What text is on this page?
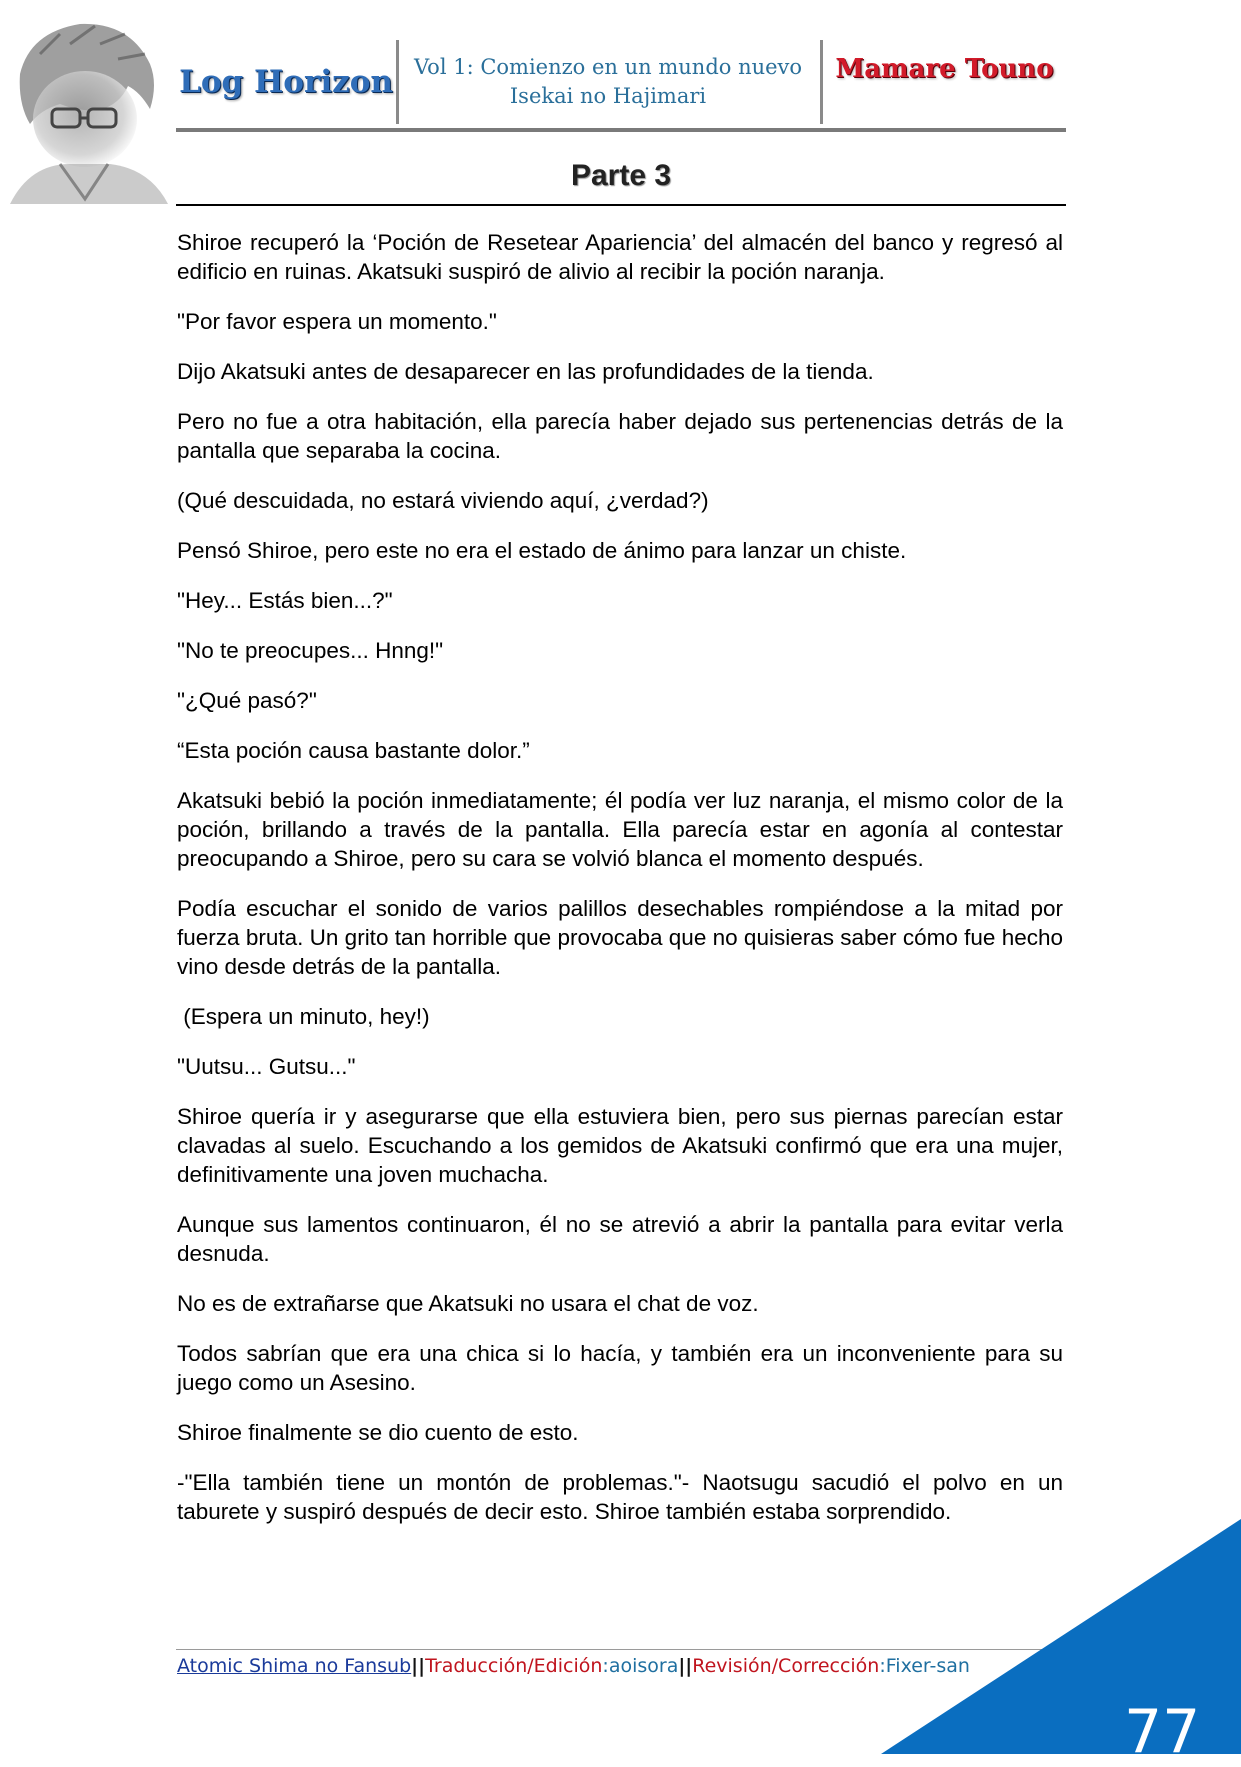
Log Horizon Vol 1: Comienzo en un mundo nuevo
Isekai no Hajimari
Mamare Touno
Parte 3

Shiroe recuperó la ‘Poción de Resetear Apariencia’ del almacén del banco y regresó al edificio en ruinas. Akatsuki suspiró de alivio al recibir la poción naranja.

"Por favor espera un momento."

Dijo Akatsuki antes de desaparecer en las profundidades de la tienda.

Pero no fue a otra habitación, ella parecía haber dejado sus pertenencias detrás de la pantalla que separaba la cocina.

(Qué descuidada, no estará viviendo aquí, ¿verdad?)

Pensó Shiroe, pero este no era el estado de ánimo para lanzar un chiste.

"Hey... Estás bien...?"

"No te preocupes... Hnng!"

"¿Qué pasó?"

“Esta poción causa bastante dolor.”

Akatsuki bebió la poción inmediatamente; él podía ver luz naranja, el mismo color de la poción, brillando a través de la pantalla. Ella parecía estar en agonía al contestar preocupando a Shiroe, pero su cara se volvió blanca el momento después.

Podía escuchar el sonido de varios palillos desechables rompiéndose a la mitad por fuerza bruta. Un grito tan horrible que provocaba que no quisieras saber cómo fue hecho vino desde detrás de la pantalla.

(Espera un minuto, hey!)

"Uutsu... Gutsu..."

Shiroe quería ir y asegurarse que ella estuviera bien, pero sus piernas parecían estar clavadas al suelo. Escuchando a los gemidos de Akatsuki confirmó que era una mujer, definitivamente una joven muchacha.

Aunque sus lamentos continuaron, él no se atrevió a abrir la pantalla para evitar verla desnuda.

No es de extrañarse que Akatsuki no usara el chat de voz.

Todos sabrían que era una chica si lo hacía, y también era un inconveniente para su juego como un Asesino.

Shiroe finalmente se dio cuento de esto.

-"Ella también tiene un montón de problemas."- Naotsugu sacudió el polvo en un taburete y suspiró después de decir esto. Shiroe también estaba sorprendido.

Atomic Shima no Fansub||Traducción/Edición:aoisora||Revisión/Corrección:Fixer-san
77
